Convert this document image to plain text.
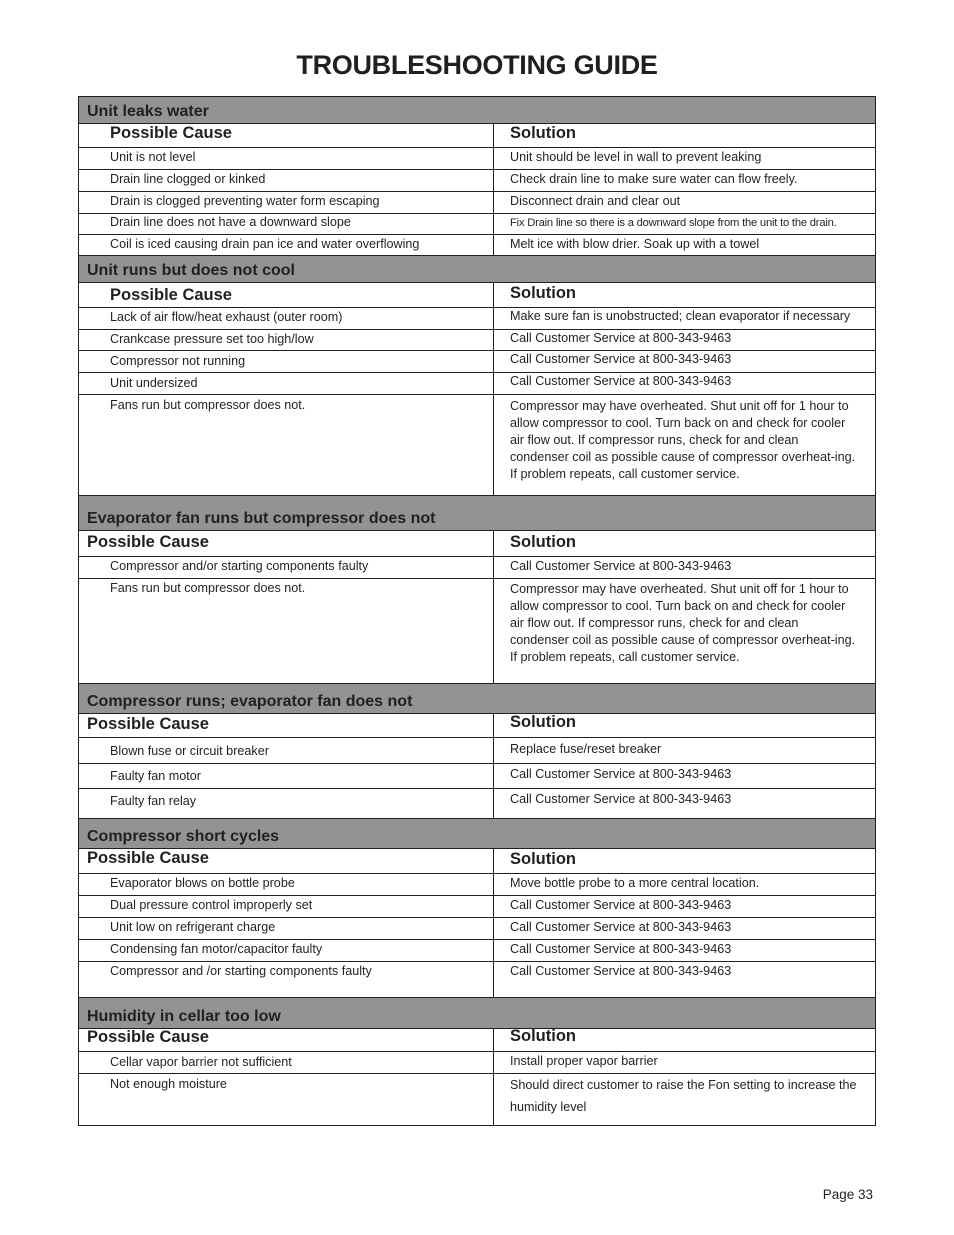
TROUBLESHOOTING GUIDE
Unit leaks water
Possible Cause	Solution
Unit is not level	Unit should be level in wall to prevent leaking
Drain line clogged or kinked	Check drain line to make sure water can flow freely.
Drain is clogged preventing water form escaping	Disconnect drain and clear out
Drain line does not have a downward slope	Fix Drain line so there is a downward slope from the unit to the drain.
Coil is iced causing drain pan ice and water overflowing	Melt ice with blow drier. Soak up with a towel
Unit runs but does not cool
Possible Cause	Solution
Lack of air flow/heat exhaust (outer room)	Make sure fan is unobstructed; clean evaporator if necessary
Crankcase pressure set too high/low	Call Customer Service at 800-343-9463
Compressor not running	Call Customer Service at 800-343-9463
Unit undersized	Call Customer Service at 800-343-9463
Fans run but compressor does not.	Compressor may have overheated. Shut unit off for 1 hour to allow compressor to cool. Turn back on and check for cooler air flow out. If compressor runs, check for and clean condenser coil as possible cause of compressor overheat-ing. If problem repeats, call customer service.
Evaporator fan runs but compressor does not
Possible Cause	Solution
Compressor and/or starting components faulty	Call Customer Service at 800-343-9463
Fans run but compressor does not.	Compressor may have overheated. Shut unit off for 1 hour to allow compressor to cool. Turn back on and check for cooler air flow out. If compressor runs, check for and clean condenser coil as possible cause of compressor overheat-ing. If problem repeats, call customer service.
Compressor runs; evaporator fan does not
Possible Cause	Solution
Blown fuse or circuit breaker	Replace fuse/reset breaker
Faulty fan motor	Call Customer Service at 800-343-9463
Faulty fan relay	Call Customer Service at 800-343-9463
Compressor short cycles
Possible Cause	Solution
Evaporator blows on bottle probe	Move bottle probe to a more central location.
Dual pressure control improperly set	Call Customer Service at 800-343-9463
Unit low on refrigerant charge	Call Customer Service at 800-343-9463
Condensing fan motor/capacitor faulty	Call Customer Service at 800-343-9463
Compressor and /or starting components faulty	Call Customer Service at 800-343-9463
Humidity in cellar too low
Possible Cause	Solution
Cellar vapor barrier not sufficient	Install proper vapor barrier
Not enough moisture	Should direct customer to raise the Fon setting to increase the humidity level
Page 33
